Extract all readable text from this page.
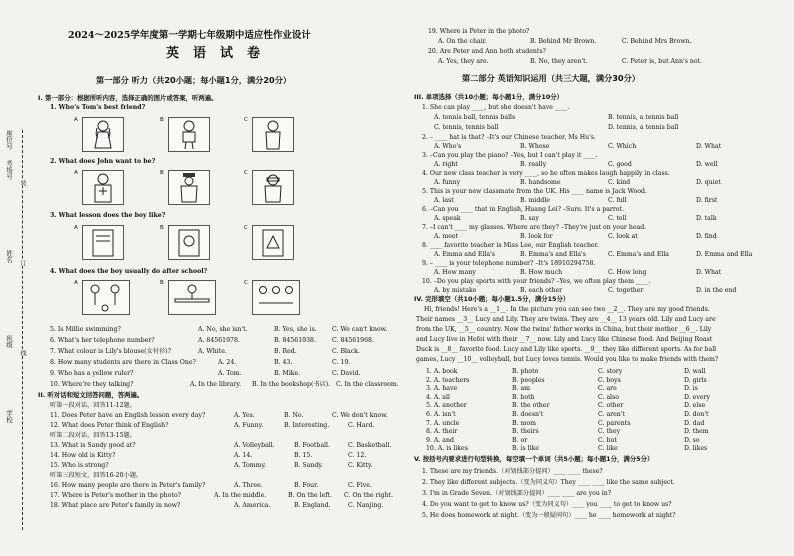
学校
班级
姓名
考场号
座位号
线
订
装
2024～2025学年度第一学期七年级期中适应性作业设计
英语试卷
第一部分 听力（共20小题；每小题1分，满分20分）
I. 第一部分：根据所听内容，选择正确的图片或答案，听两遍。
1. Who's Tom's best friend?
A	B	C
2. What does John want to be?
A	B	C
3. What lesson does the boy like?
A	B	C
4. What does the boy usually do after school?
A	B	C
5. Is Millie swimming?	A. No, she isn't.	B. Yes, she is. C. We can't know.
6. What's her telephone number?	A. 84561978.	B. 84561938.	C. 84561968.
7. What colour is Lily's blouse(女衬衫)?	A. White.	B. Red.	C. Black.
8. How many students are there in Class One?	A. 24.	B. 43.	C. 19.
9. Who has a yellow ruler?	A. Tom.	B. Mike.	C. David.
10. Where're they talking?	A. In the library. B. In the bookshop(书店). C. In the classroom.
II. 听对话和短文回答问题，答两遍。
听第一段对话，回答11-12题。
11. Does Peter have an English lesson every day?	A. Yes.	B. No.	C. We don't know.
12. What does Peter think of English?	A. Funny.	B. Interesting.	C. Hard.
听第二段对话，回答13-15题。
13. What is Sandy good at?	A. Volleyball.	B. Football.	C. Basketball.
14. How old is Kitty?	A. 14.	B. 15.	C. 12.
15. Who is strong?	A. Tommy.	B. Sandy.	C. Kitty.
听第三段短文，回答16-20小题。
16. How many people are there in Peter's family?	A. Three.	B. Four.	C. Five.
17. Where is Peter's mother in the photo?	A. In the middle.	B. On the left. C. On the right.
18. What place are Peter's family in now?	A. America.	B. England.	C. Nanjing.
19. Where is Peter in the photo?
A. On the chair.	B. Behind Mr Brown.	C. Behind Mrs Brown.
20. Are Peter and Ann both students?
A. Yes, they are.	B. No, they aren't.	C. Peter is, but Ann's not.
第二部分 英语知识运用（共三大题，满分30分）
III. 单项选择（共10小题；每小题1分，满分10分）
1. She can play ____, but she doesn't have ____.
A. tennis ball, tennis balls	B. tennis, a tennis ball
C. tennis, tennis ball	D. tennis, a tennis ball
2. – ____ hat is that? –It's our Chinese teacher, Ms Hu's.
A. Who's	B. Whose	C. Which	D. What
3. –Can you play the piano? –Yes, but I can't play it ____.
A. right	B. really	C. good	D. well
4. Our new class teacher is very ____, so he often makes laugh happily in class.
A. funny	B. handsome	C. kind	D. quiet
5. This is your new classmate from the UK. His ____ name is Jack Wood.
A. last	B. middle	C. full	D. first
6. –Can you ____ that in English, Huang Lei? –Sure. It's a parrot.
A. speak	B. say	C. tell	D. talk
7. –I can't ____ my glasses. Where are they? –They're just on your head.
A. meet	B. look for	C. look at	D. find
8. ____ favorite teacher is Miss Lee, our English teacher.
A. Emma and Ella's	B. Emma's and Ella's	C. Emma's and Ella	D. Emma and Ella
9. – ____ is your telephone number? –It's 18910294758.
A. How many	B. How much	C. How long	D. What
10. –Do you play sports with your friends? –Yes, we often play them ____.
A. by mistake	B. each other	C. together	D. in the end
IV. 完形填空（共10小题；每小题1.5分，满分15分）
Hi, friends! Here's a __1__. In the picture you can see two __2__. They are my good friends.
Their names __3__ Lucy and Lily. They are twins. They are __4__ 13 years old. Lily and Lucy are
from the UK, __5__ country. Now the twins' father works in China, but their mother __6__. Lily
and Lucy live in Hefei with their __7__ now. Lily and Lucy like Chinese food. And Beijing Roast
Duck is __8__ favorite food. Lucy and Lily like sports. __9__ they like different sports. As for ball
games, Lucy __10__ volleyball, but Lucy loves tennis. Would you like to make friends with them?
1. A. book	B. photo	C. story	D. wall
2. A. teachers	B. peoples	C. boys	D. girls
3. A. have	B. am	C. are	D. is
4. A. all	B. both	C. also	D. every
5. A. another	B. the other	C. other	D. else
6. A. isn't	B. doesn't	C. aren't	D. don't
7. A. uncle	B. mom	C. parents	D. dad
8. A. their	B. theirs	C. they	D. them
9. A. and	B. or	C. but	D. so
10. A. is likes	B. is like	C. like	D. likes
V. 按括号内要求进行句型转换，每空填一个单词（共5小题；每小题1分，满分5分）
1. These are my friends.（对划线部分提问）____ ____ these?
2. They like different subjects.（变为同义句）They ____ ____ like the same subject.
3. I'm in Grade Seven.（对划线部分提问）____ ____ are you in?
4. Do you want to get to know us?（变为同义句）____ you ____ to get to know us?
5. He does homework at night.（变为一般疑问句）____ he ____ homework at night?
